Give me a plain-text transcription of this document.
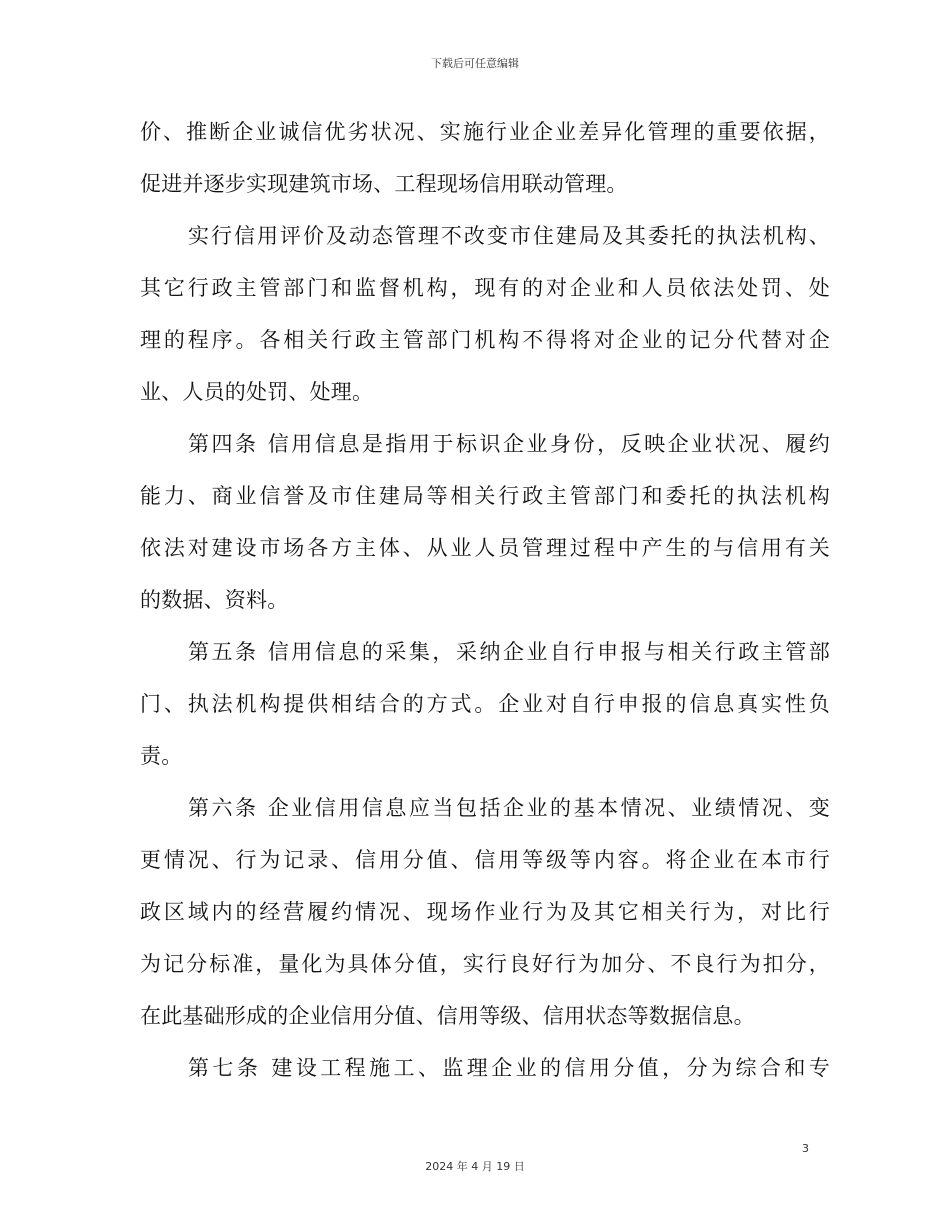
下载后可任意编辑
价、推断企业诚信优劣状况、实施行业企业差异化管理的重要依据，
促进并逐步实现建筑市场、工程现场信用联动管理。
实行信用评价及动态管理不改变市住建局及其委托的执法机构、
其它行政主管部门和监督机构，现有的对企业和人员依法处罚、处
理的程序。各相关行政主管部门机构不得将对企业的记分代替对企
业、人员的处罚、处理。
第四条 信用信息是指用于标识企业身份，反映企业状况、履约
能力、商业信誉及市住建局等相关行政主管部门和委托的执法机构
依法对建设市场各方主体、从业人员管理过程中产生的与信用有关
的数据、资料。
第五条 信用信息的采集，采纳企业自行申报与相关行政主管部
门、执法机构提供相结合的方式。企业对自行申报的信息真实性负
责。
第六条 企业信用信息应当包括企业的基本情况、业绩情况、变
更情况、行为记录、信用分值、信用等级等内容。将企业在本市行
政区域内的经营履约情况、现场作业行为及其它相关行为，对比行
为记分标准，量化为具体分值，实行良好行为加分、不良行为扣分，
在此基础形成的企业信用分值、信用等级、信用状态等数据信息。
第七条 建设工程施工、监理企业的信用分值，分为综合和专
3
2024 年 4 月 19 日
